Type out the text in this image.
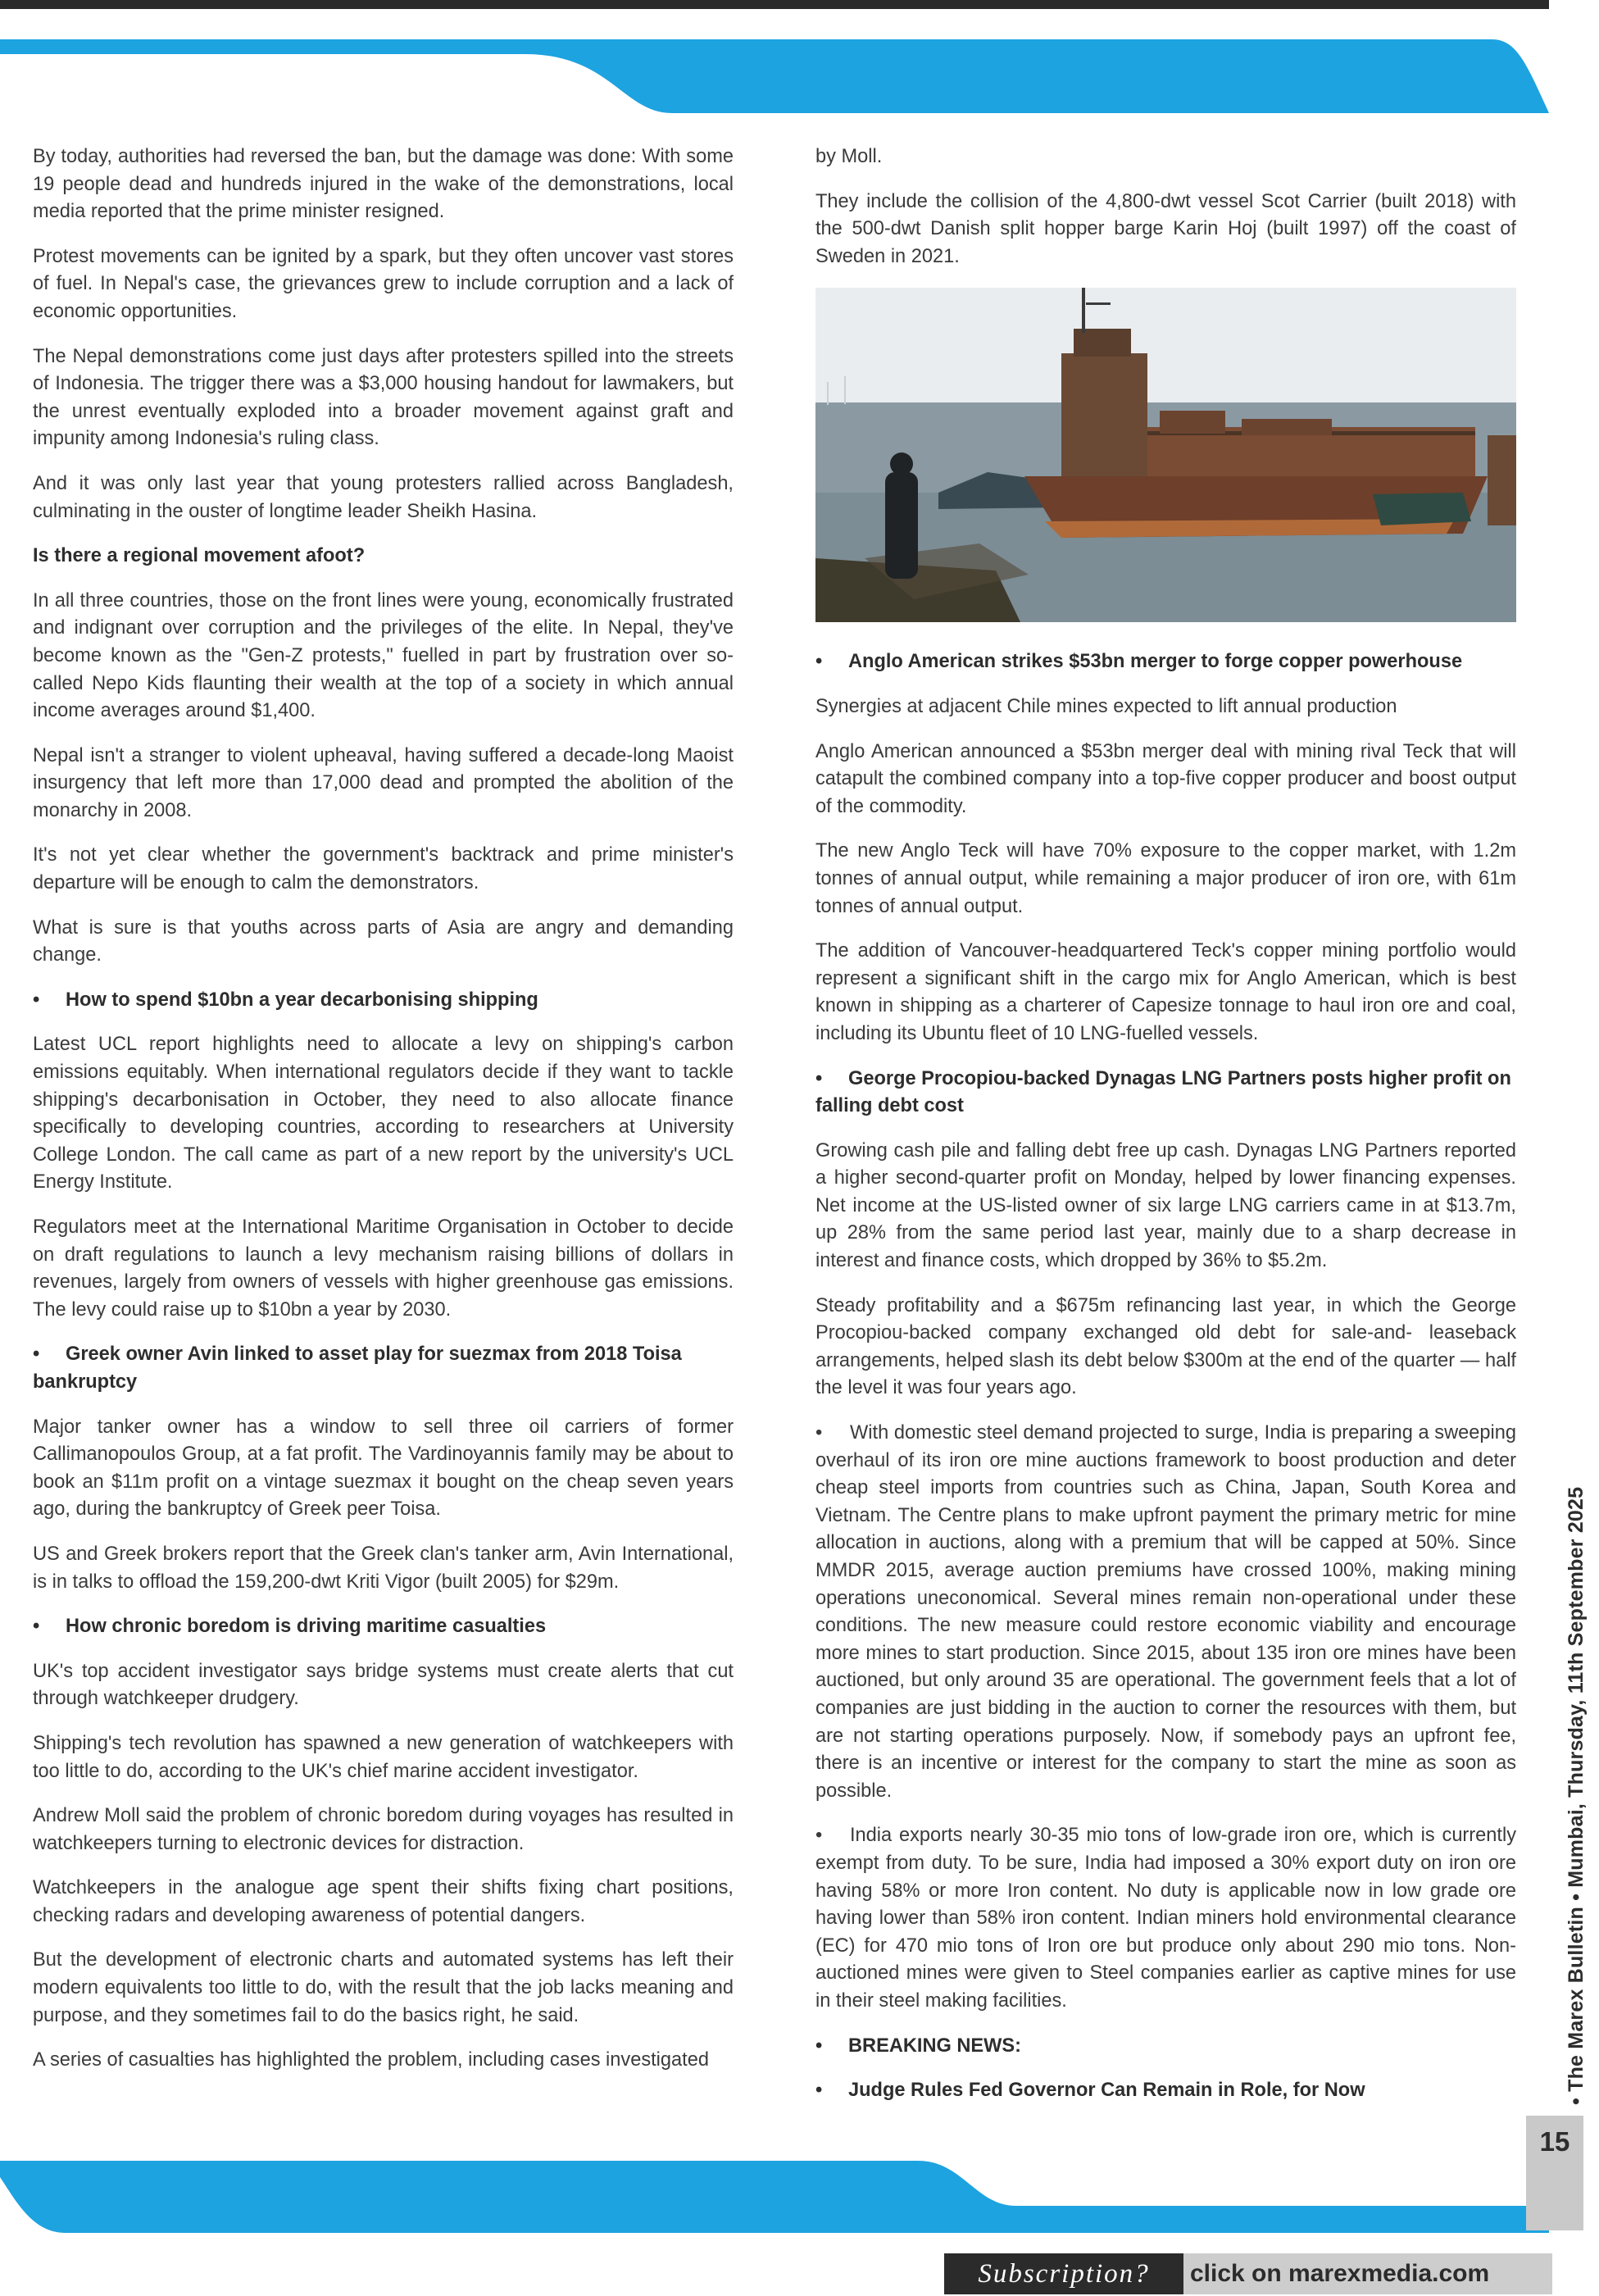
By today, authorities had reversed the ban, but the damage was done: With some 19 people dead and hundreds injured in the wake of the demonstrations, local media reported that the prime minister resigned.

Protest movements can be ignited by a spark, but they often uncover vast stores of fuel. In Nepal's case, the grievances grew to include corruption and a lack of economic opportunities.

The Nepal demonstrations come just days after protesters spilled into the streets of Indonesia. The trigger there was a $3,000 housing handout for lawmakers, but the unrest eventually exploded into a broader movement against graft and impunity among Indonesia's ruling class.

And it was only last year that young protesters rallied across Bangladesh, culminating in the ouster of longtime leader Sheikh Hasina.

Is there a regional movement afoot?

In all three countries, those on the front lines were young, economically frustrated and indignant over corruption and the privileges of the elite. In Nepal, they've become known as the "Gen-Z protests," fuelled in part by frustration over so-called Nepo Kids flaunting their wealth at the top of a society in which annual income averages around $1,400.

Nepal isn't a stranger to violent upheaval, having suffered a decade-long Maoist insurgency that left more than 17,000 dead and prompted the abolition of the monarchy in 2008.

It's not yet clear whether the government's backtrack and prime minister's departure will be enough to calm the demonstrators.

What is sure is that youths across parts of Asia are angry and demanding change.

• How to spend $10bn a year decarbonising shipping

Latest UCL report highlights need to allocate a levy on shipping's carbon emissions equitably. When international regulators decide if they want to tackle shipping's decarbonisation in October, they need to also allocate finance specifically to developing countries, according to researchers at University College London. The call came as part of a new report by the university's UCL Energy Institute.

Regulators meet at the International Maritime Organisation in October to decide on draft regulations to launch a levy mechanism raising billions of dollars in revenues, largely from owners of vessels with higher greenhouse gas emissions. The levy could raise up to $10bn a year by 2030.

• Greek owner Avin linked to asset play for suezmax from 2018 Toisa bankruptcy

Major tanker owner has a window to sell three oil carriers of former Callimanopoulos Group, at a fat profit. The Vardinoyannis family may be about to book an $11m profit on a vintage suezmax it bought on the cheap seven years ago, during the bankruptcy of Greek peer Toisa.

US and Greek brokers report that the Greek clan's tanker arm, Avin International, is in talks to offload the 159,200-dwt Kriti Vigor (built 2005) for $29m.

• How chronic boredom is driving maritime casualties

UK's top accident investigator says bridge systems must create alerts that cut through watchkeeper drudgery.

Shipping's tech revolution has spawned a new generation of watchkeepers with too little to do, according to the UK's chief marine accident investigator.

Andrew Moll said the problem of chronic boredom during voyages has resulted in watchkeepers turning to electronic devices for distraction.

Watchkeepers in the analogue age spent their shifts fixing chart positions, checking radars and developing awareness of potential dangers.

But the development of electronic charts and automated systems has left their modern equivalents too little to do, with the result that the job lacks meaning and purpose, and they sometimes fail to do the basics right, he said.

A series of casualties has highlighted the problem, including cases investigated

by Moll.

They include the collision of the 4,800-dwt vessel Scot Carrier (built 2018) with the 500-dwt Danish split hopper barge Karin Hoj (built 1997) off the coast of Sweden in 2021.

• Anglo American strikes $53bn merger to forge copper powerhouse

Synergies at adjacent Chile mines expected to lift annual production

Anglo American announced a $53bn merger deal with mining rival Teck that will catapult the combined company into a top-five copper producer and boost output of the commodity.

The new Anglo Teck will have 70% exposure to the copper market, with 1.2m tonnes of annual output, while remaining a major producer of iron ore, with 61m tonnes of annual output.

The addition of Vancouver-headquartered Teck's copper mining portfolio would represent a significant shift in the cargo mix for Anglo American, which is best known in shipping as a charterer of Capesize tonnage to haul iron ore and coal, including its Ubuntu fleet of 10 LNG-fuelled vessels.

• George Procopiou-backed Dynagas LNG Partners posts higher profit on falling debt cost

Growing cash pile and falling debt free up cash. Dynagas LNG Partners reported a higher second-quarter profit on Monday, helped by lower financing expenses. Net income at the US-listed owner of six large LNG carriers came in at $13.7m, up 28% from the same period last year, mainly due to a sharp decrease in interest and finance costs, which dropped by 36% to $5.2m.

Steady profitability and a $675m refinancing last year, in which the George Procopiou-backed company exchanged old debt for sale-and- leaseback arrangements, helped slash its debt below $300m at the end of the quarter — half the level it was four years ago.

• With domestic steel demand projected to surge, India is preparing a sweeping overhaul of its iron ore mine auctions framework to boost production and deter cheap steel imports from countries such as China, Japan, South Korea and Vietnam. The Centre plans to make upfront payment the primary metric for mine allocation in auctions, along with a premium that will be capped at 50%. Since MMDR 2015, average auction premiums have crossed 100%, making mining operations uneconomical. Several mines remain non-operational under these conditions. The new measure could restore economic viability and encourage more mines to start production. Since 2015, about 135 iron ore mines have been auctioned, but only around 35 are operational. The government feels that a lot of companies are just bidding in the auction to corner the resources with them, but are not starting operations purposely. Now, if somebody pays an upfront fee, there is an incentive or interest for the company to start the mine as soon as possible.

• India exports nearly 30-35 mio tons of low-grade iron ore, which is currently exempt from duty. To be sure, India had imposed a 30% export duty on iron ore having 58% or more Iron content. No duty is applicable now in low grade ore having lower than 58% iron content. Indian miners hold environmental clearance (EC) for 470 mio tons of Iron ore but produce only about 290 mio tons. Non-auctioned mines were given to Steel companies earlier as captive mines for use in their steel making facilities.

• BREAKING NEWS:

• Judge Rules Fed Governor Can Remain in Role, for Now	• The Marex Bulletin • Mumbai, Thursday, 11th September 2025
15
Subscription?	click on marexmedia.com
